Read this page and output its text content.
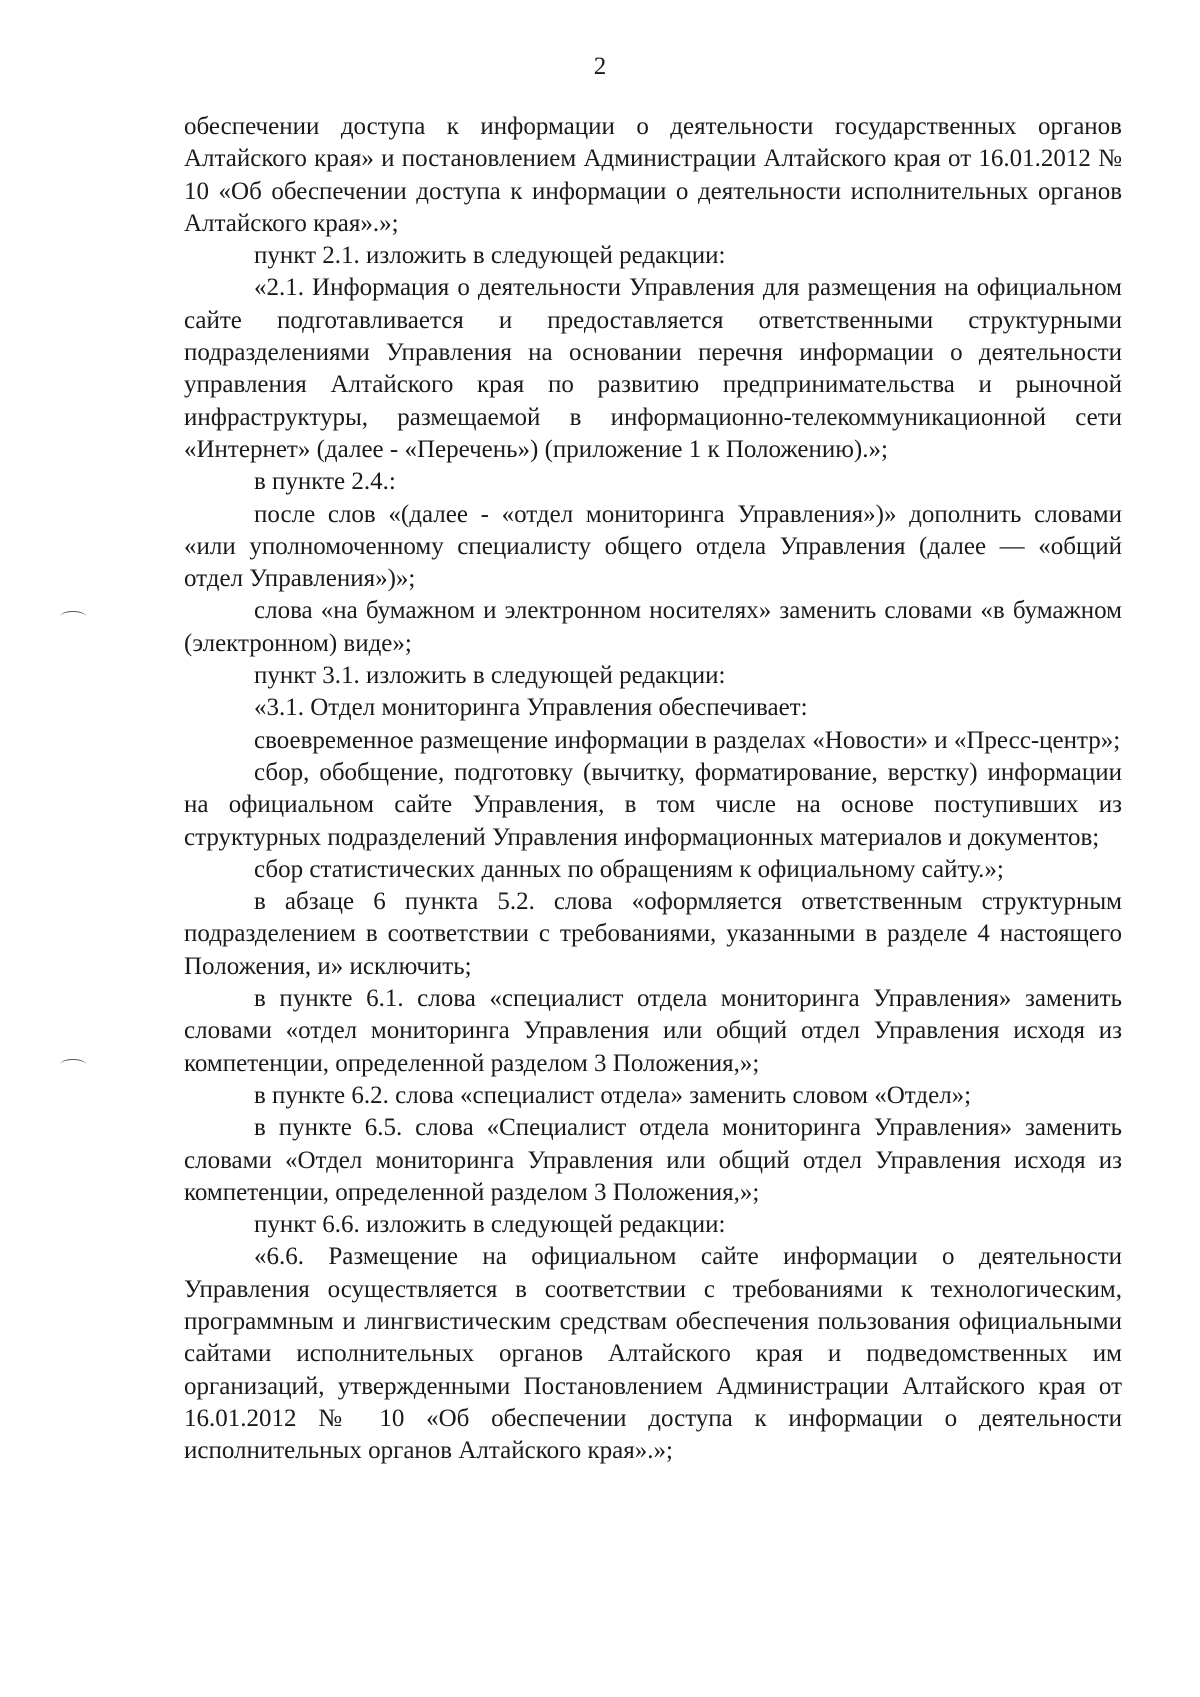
2

обеспечении доступа к информации о деятельности государственных органов Алтайского края» и постановлением Администрации Алтайского края от 16.01.2012 № 10 «Об обеспечении доступа к информации о деятельности исполнительных органов Алтайского края».»;

пункт 2.1. изложить в следующей редакции:

«2.1. Информация о деятельности Управления для размещения на официальном сайте подготавливается и предоставляется ответственными структурными подразделениями Управления на основании перечня информации о деятельности управления Алтайского края по развитию предпринимательства и рыночной инфраструктуры, размещаемой в информационно-телекоммуникационной сети «Интернет» (далее - «Перечень») (приложение 1 к Положению).»;

в пункте 2.4.:

после слов «(далее - «отдел мониторинга Управления»)» дополнить словами «или уполномоченному специалисту общего отдела Управления (далее — «общий отдел Управления»)»;

слова «на бумажном и электронном носителях» заменить словами «в бумажном (электронном) виде»;

пункт 3.1. изложить в следующей редакции:

«3.1. Отдел мониторинга Управления обеспечивает:

своевременное размещение информации в разделах «Новости» и «Пресс-центр»;

сбор, обобщение, подготовку (вычитку, форматирование, верстку) информации на официальном сайте Управления, в том числе на основе поступивших из структурных подразделений Управления информационных материалов и документов;

сбор статистических данных по обращениям к официальному сайту.»;

в абзаце 6 пункта 5.2. слова «оформляется ответственным структурным подразделением в соответствии с требованиями, указанными в разделе 4 настоящего Положения, и» исключить;

в пункте 6.1. слова «специалист отдела мониторинга Управления» заменить словами «отдел мониторинга Управления или общий отдел Управления исходя из компетенции, определенной разделом 3 Положения,»;

в пункте 6.2. слова «специалист отдела» заменить словом «Отдел»;

в пункте 6.5. слова «Специалист отдела мониторинга Управления» заменить словами «Отдел мониторинга Управления или общий отдел Управления исходя из компетенции, определенной разделом 3 Положения,»;

пункт 6.6. изложить в следующей редакции:

«6.6. Размещение на официальном сайте информации о деятельности Управления осуществляется в соответствии с требованиями к технологическим, программным и лингвистическим средствам обеспечения пользования официальными сайтами исполнительных органов Алтайского края и подведомственных им организаций, утвержденными Постановлением Администрации Алтайского края от 16.01.2012 № 10 «Об обеспечении доступа к информации о деятельности исполнительных органов Алтайского края».»;
